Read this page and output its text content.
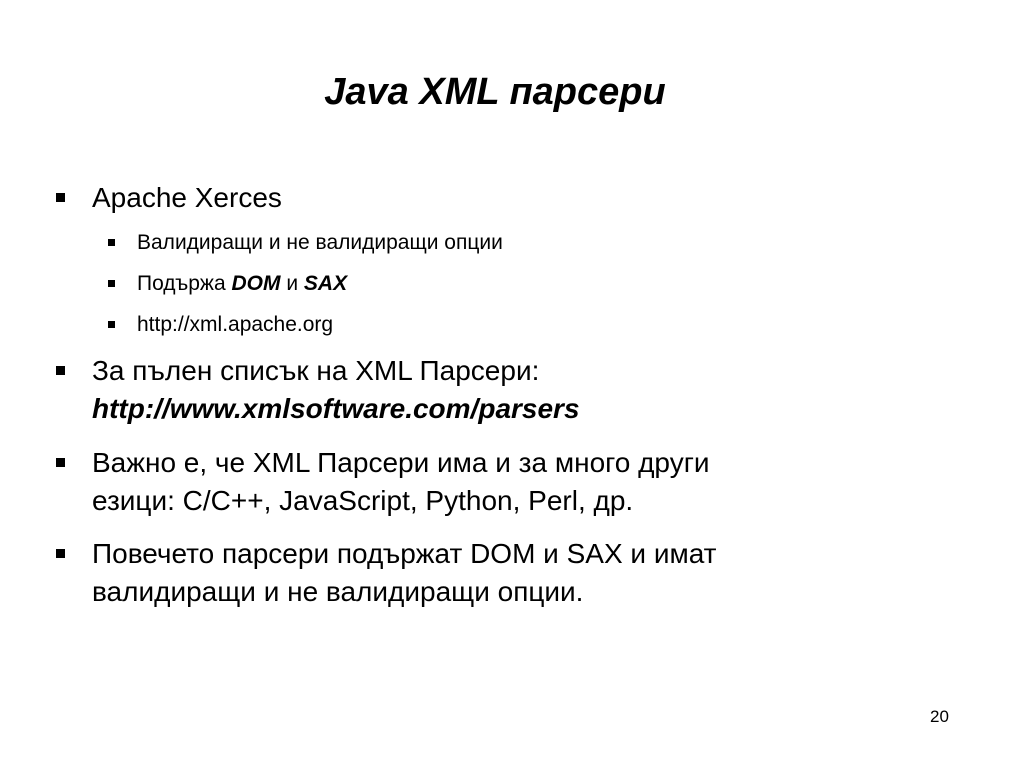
Java XML парсери
Apache Xerces
Валидиращи и не валидиращи опции
Подържа DOM и SAX
http://xml.apache.org
За пълен списък на XML Парсери:
http://www.xmlsoftware.com/parsers
Важно е, че XML Парсери има и за много други
езици: C/C++, JavaScript, Python, Perl, др.
Повечето парсери подържат DOM и SAX и имат
валидиращи и не валидиращи опции.
20
